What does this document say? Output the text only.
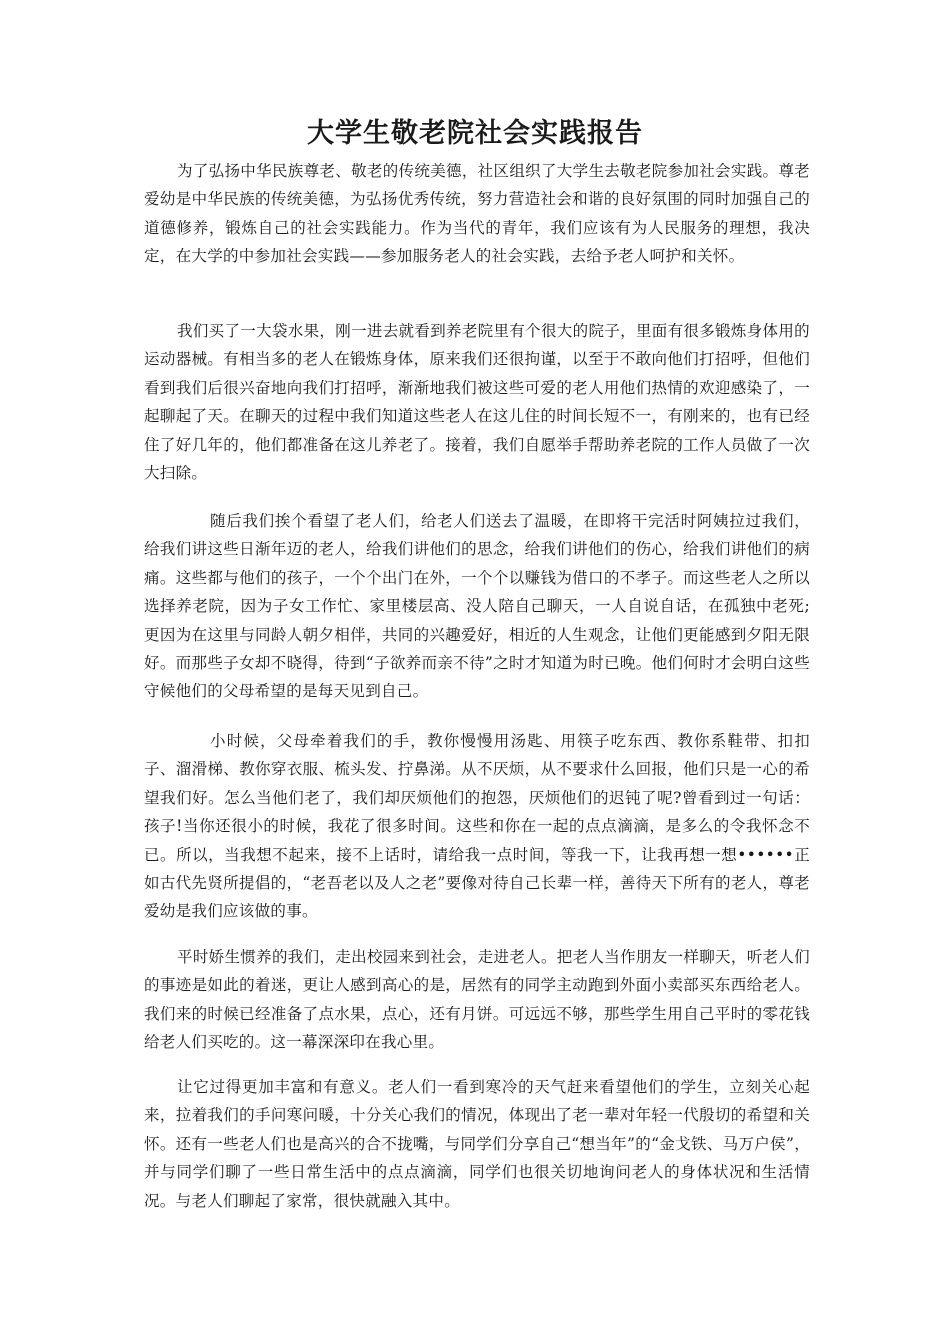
大学生敬老院社会实践报告

为了弘扬中华民族尊老、敬老的传统美德，社区组织了大学生去敬老院参加社会实践。尊老爱幼是中华民族的传统美德，为弘扬优秀传统，努力营造社会和谐的良好氛围的同时加强自己的道德修养，锻炼自己的社会实践能力。作为当代的青年，我们应该有为人民服务的理想，我决定，在大学的中参加社会实践——参加服务老人的社会实践，去给予老人呵护和关怀。

我们买了一大袋水果，刚一进去就看到养老院里有个很大的院子，里面有很多锻炼身体用的运动器械。有相当多的老人在锻炼身体，原来我们还很拘谨，以至于不敢向他们打招呼，但他们看到我们后很兴奋地向我们打招呼，渐渐地我们被这些可爱的老人用他们热情的欢迎感染了，一起聊起了天。在聊天的过程中我们知道这些老人在这儿住的时间长短不一，有刚来的，也有已经住了好几年的，他们都准备在这儿养老了。接着，我们自愿举手帮助养老院的工作人员做了一次大扫除。

随后我们挨个看望了老人们，给老人们送去了温暖，在即将干完活时阿姨拉过我们，给我们讲这些日渐年迈的老人，给我们讲他们的思念，给我们讲他们的伤心，给我们讲他们的病痛。这些都与他们的孩子，一个个出门在外，一个个以赚钱为借口的不孝子。而这些老人之所以选择养老院，因为子女工作忙、家里楼层高、没人陪自己聊天，一人自说自话，在孤独中老死;更因为在这里与同龄人朝夕相伴，共同的兴趣爱好，相近的人生观念，让他们更能感到夕阳无限好。而那些子女却不晓得，待到“子欲养而亲不待”之时才知道为时已晚。他们何时才会明白这些守候他们的父母希望的是每天见到自己。

小时候，父母牵着我们的手，教你慢慢用汤匙、用筷子吃东西、教你系鞋带、扣扣子、溜滑梯、教你穿衣服、梳头发、拧鼻涕。从不厌烦，从不要求什么回报，他们只是一心的希望我们好。怎么当他们老了，我们却厌烦他们的抱怨，厌烦他们的迟钝了呢?曾看到过一句话：孩子!当你还很小的时候，我花了很多时间。这些和你在一起的点点滴滴，是多么的令我怀念不已。所以，当我想不起来，接不上话时，请给我一点时间，等我一下，让我再想一想••••••正如古代先贤所提倡的，“老吾老以及人之老”要像对待自己长辈一样，善待天下所有的老人，尊老爱幼是我们应该做的事。

平时娇生惯养的我们，走出校园来到社会，走进老人。把老人当作朋友一样聊天，听老人们的事迹是如此的着迷，更让人感到高心的是，居然有的同学主动跑到外面小卖部买东西给老人。我们来的时候已经准备了点水果，点心，还有月饼。可远远不够，那些学生用自己平时的零花钱给老人们买吃的。这一幕深深印在我心里。

让它过得更加丰富和有意义。老人们一看到寒冷的天气赶来看望他们的学生，立刻关心起来，拉着我们的手问寒问暖，十分关心我们的情况，体现出了老一辈对年轻一代殷切的希望和关怀。还有一些老人们也是高兴的合不拢嘴，与同学们分享自己“想当年”的“金戈铁、马万户侯”，并与同学们聊了一些日常生活中的点点滴滴，同学们也很关切地询问老人的身体状况和生活情况。与老人们聊起了家常，很快就融入其中。
